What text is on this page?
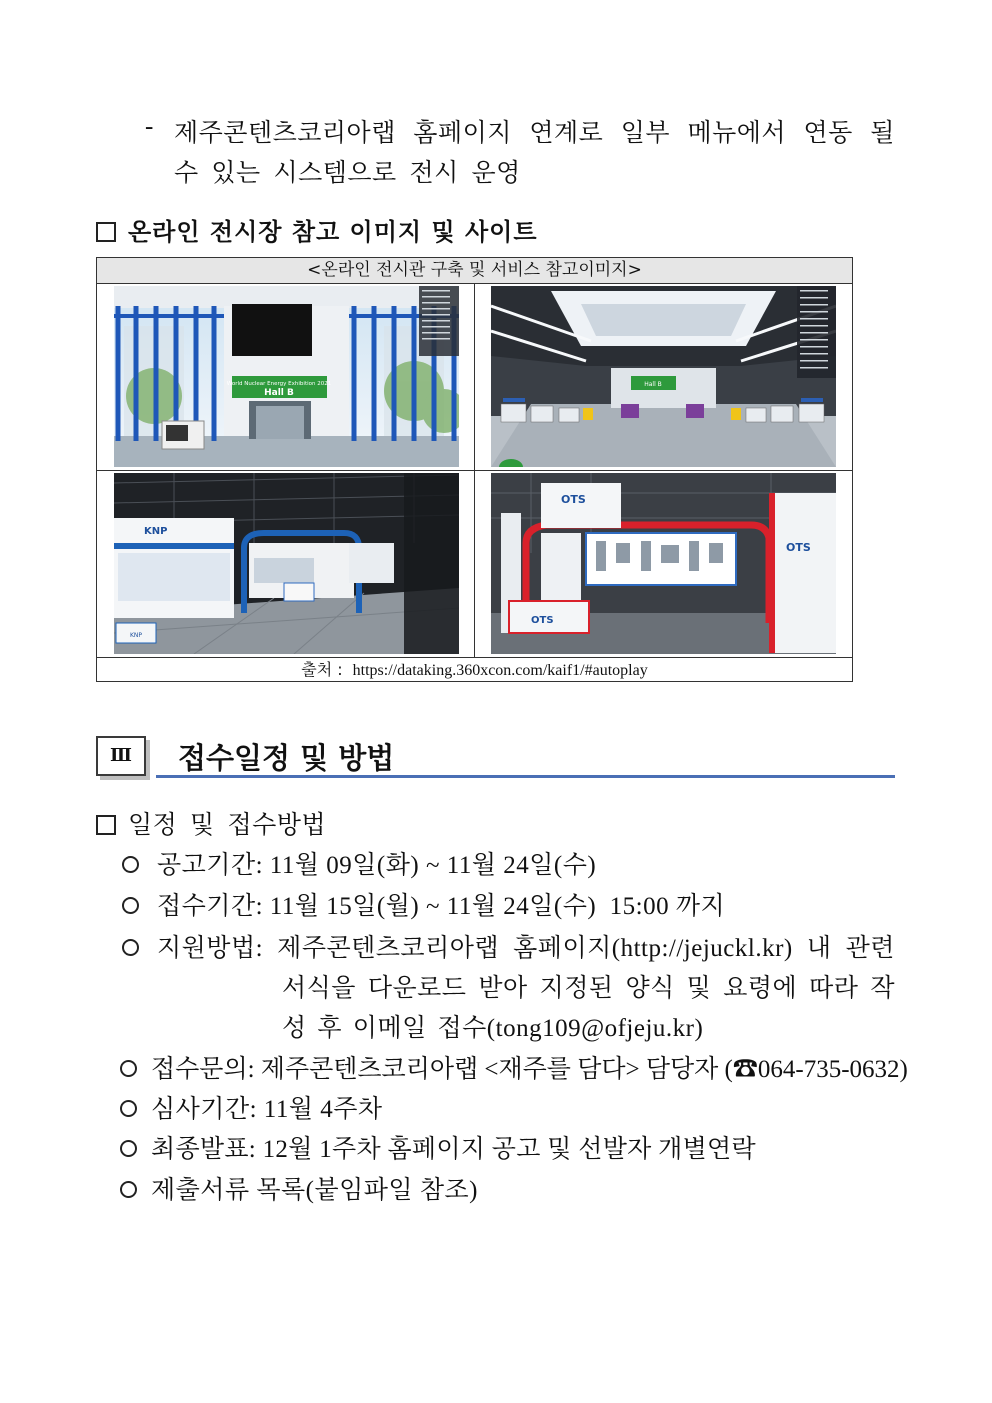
- 제주콘텐츠코리아랩 홈페이지 연계로 일부 메뉴에서 연동 될
수 있는 시스템으로 전시 운영
온라인 전시장 참고 이미지 및 사이트
<온라인 전시관 구축 및 서비스 참고이미지>
World Nuclear Energy Exhibition 2021
Hall B
Hall B
KNP
KNP
OTS
OTS
OTS
출처 : https://dataking.360xcon.com/kaif1/#autoplay
Ⅲ	접수일정 및 방법
일정 및 접수방법
공고기간: 11월 09일(화) ~ 11월 24일(수)
접수기간: 11월 15일(월) ~ 11월 24일(수)  15:00 까지
지원방법: 제주콘텐츠코리아랩 홈페이지(http://jejuckl.kr) 내 관련
서식을 다운로드 받아 지정된 양식 및 요령에 따라 작
성 후 이메일 접수(tong109@ofjeju.kr)
접수문의: 제주콘텐츠코리아랩 <재주를 담다> 담당자 (☎064-735-0632)
심사기간: 11월 4주차
최종발표: 12월 1주차 홈페이지 공고 및 선발자 개별연락
제출서류 목록(붙임파일 참조)
